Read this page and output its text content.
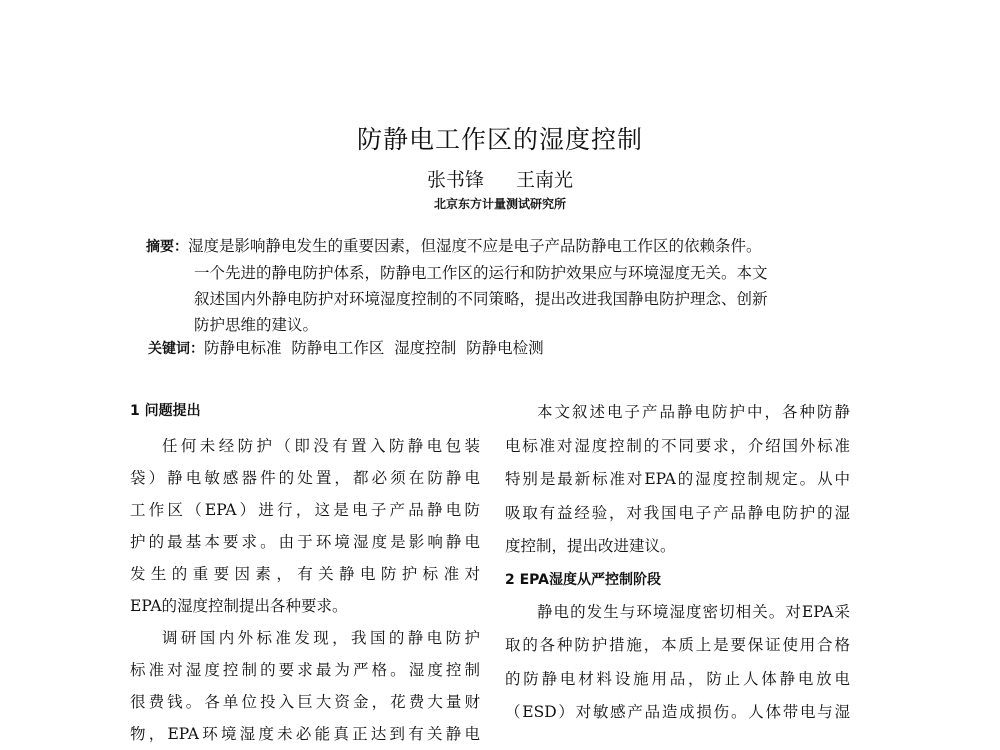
防静电工作区的湿度控制
张书锋 王南光
北京东方计量测试研究所
摘要：湿度是影响静电发生的重要因素，但湿度不应是电子产品防静电工作区的依赖条件。
一个先进的静电防护体系，防静电工作区的运行和防护效果应与环境湿度无关。本文
叙述国内外静电防护对环境湿度控制的不同策略，提出改进我国静电防护理念、创新
防护思维的建议。
关键词：防静电标准  防静电工作区  湿度控制  防静电检测
1 问题提出
任何未经防护（即没有置入防静电包装
袋）静电敏感器件的处置，都必须在防静电
工作区（EPA）进行，这是电子产品静电防
护的最基本要求。由于环境湿度是影响静电
发生的重要因素，有关静电防护标准对
EPA的湿度控制提出各种要求。
调研国内外标准发现，我国的静电防护
标准对湿度控制的要求最为严格。湿度控制
很费钱。各单位投入巨大资金，花费大量财
物，EPA环境湿度未必能真正达到有关静电
本文叙述电子产品静电防护中，各种防静
电标准对湿度控制的不同要求，介绍国外标准
特别是最新标准对EPA的湿度控制规定。从中
吸取有益经验，对我国电子产品静电防护的湿
度控制，提出改进建议。
2 EPA湿度从严控制阶段
静电的发生与环境湿度密切相关。对EPA采
取的各种防护措施，本质上是要保证使用合格
的防静电材料设施用品，防止人体静电放电
（ESD）对敏感产品造成损伤。人体带电与湿
